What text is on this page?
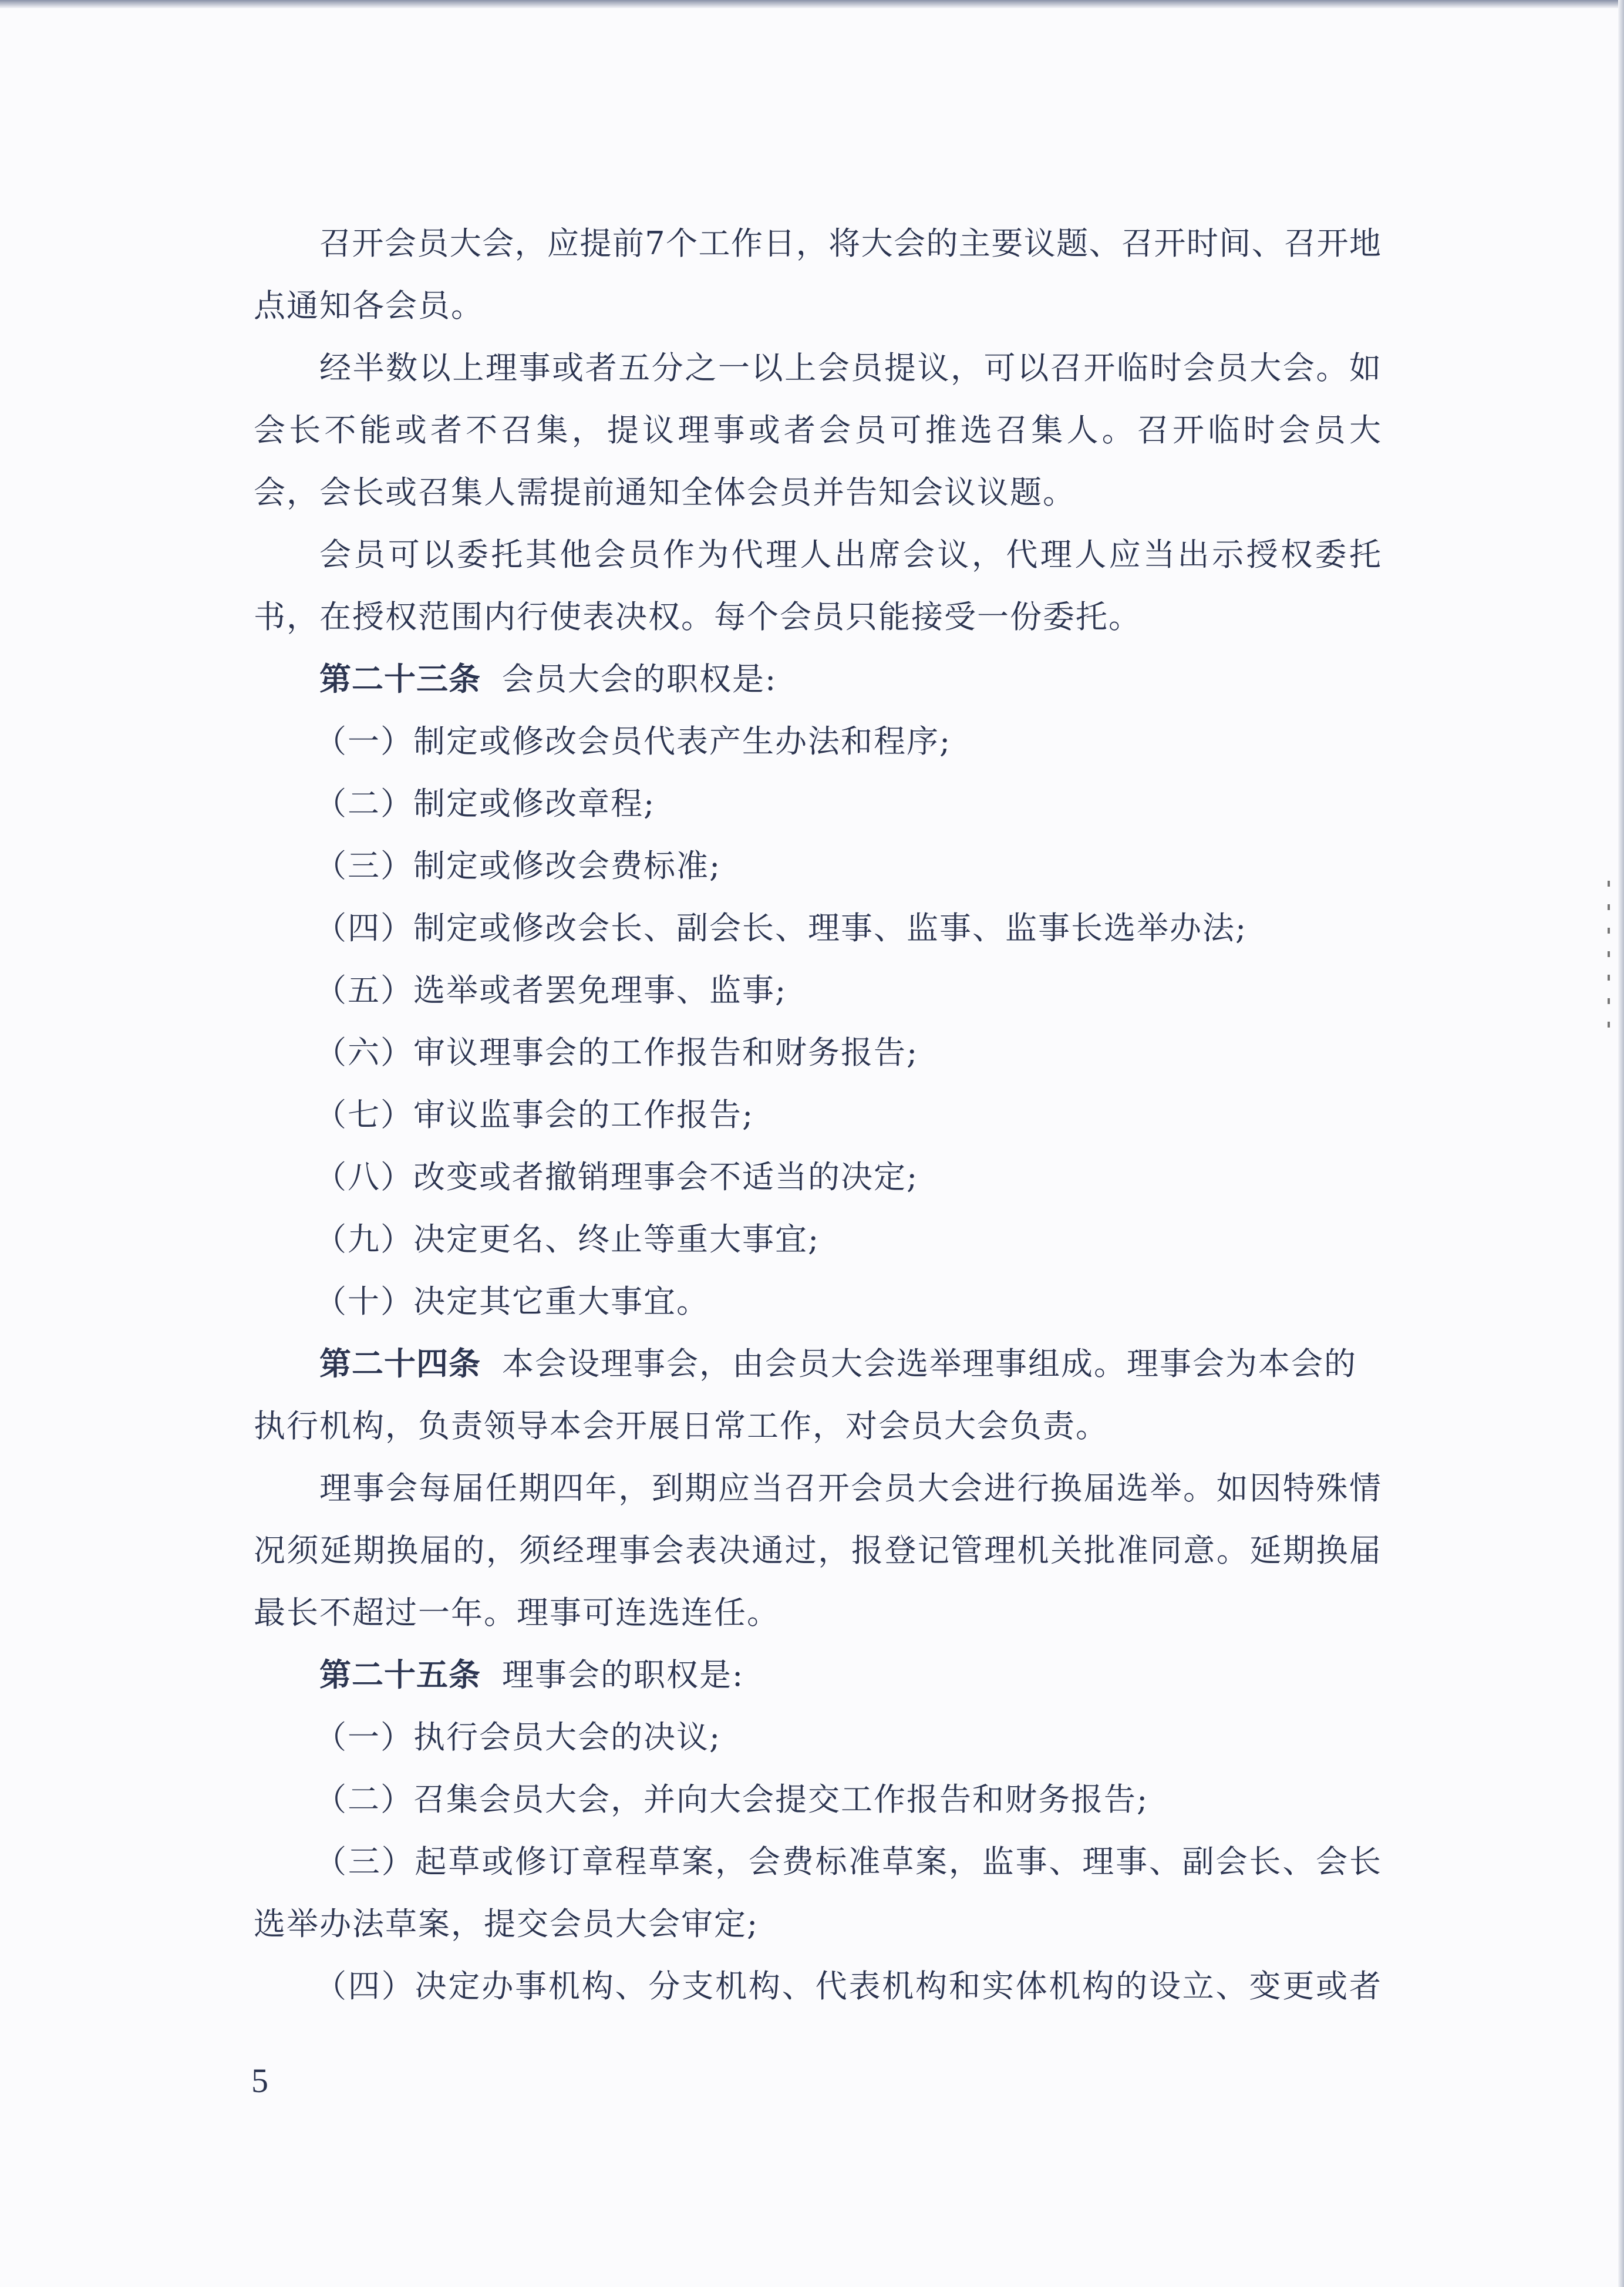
召开会员大会，应提前7个工作日，将大会的主要议题、召开时间、召开地
点通知各会员。
经半数以上理事或者五分之一以上会员提议，可以召开临时会员大会。如
会长不能或者不召集，提议理事或者会员可推选召集人。召开临时会员大
会，会长或召集人需提前通知全体会员并告知会议议题。
会员可以委托其他会员作为代理人出席会议，代理人应当出示授权委托
书，在授权范围内行使表决权。每个会员只能接受一份委托。
第二十三条 会员大会的职权是:
（一）制定或修改会员代表产生办法和程序;
（二）制定或修改章程;
（三）制定或修改会费标准;
（四）制定或修改会长、副会长、理事、监事、监事长选举办法;
（五）选举或者罢免理事、监事;
（六）审议理事会的工作报告和财务报告;
（七）审议监事会的工作报告;
（八）改变或者撤销理事会不适当的决定;
（九）决定更名、终止等重大事宜;
（十）决定其它重大事宜。
第二十四条 本会设理事会，由会员大会选举理事组成。理事会为本会的
执行机构，负责领导本会开展日常工作，对会员大会负责。
理事会每届任期四年，到期应当召开会员大会进行换届选举。如因特殊情
况须延期换届的，须经理事会表决通过，报登记管理机关批准同意。延期换届
最长不超过一年。理事可连选连任。
第二十五条 理事会的职权是:
（一）执行会员大会的决议;
（二）召集会员大会，并向大会提交工作报告和财务报告;
（三）起草或修订章程草案，会费标准草案，监事、理事、副会长、会长
选举办法草案，提交会员大会审定;
（四）决定办事机构、分支机构、代表机构和实体机构的设立、变更或者
5
